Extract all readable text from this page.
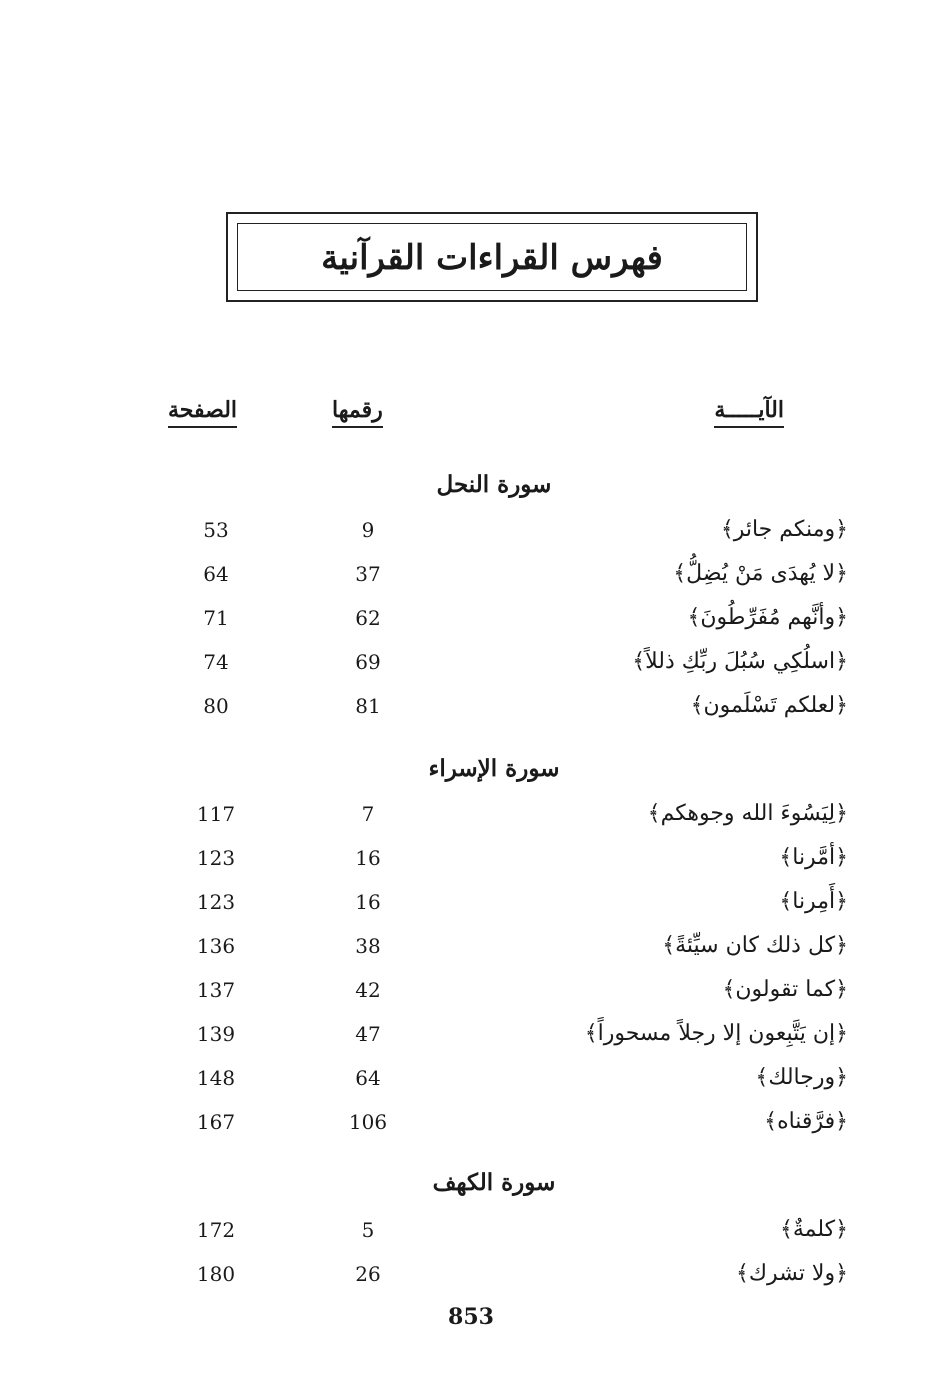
فهرس القراءات القرآنية
الآيـــــة
رقمها
الصفحة
سورة النحل
﴿ومنكم جائر﴾
9
53
﴿لا يُهدَى مَنْ يُضِلُّ﴾
37
64
﴿وأنَّهم مُفَرِّطُونَ﴾
62
71
﴿اسلُكِي سُبُلَ ربِّكِ ذللاً﴾
69
74
﴿لعلكم تَسْلَمون﴾
81
80
سورة الإسراء
﴿لِيَسُوءَ الله وجوهكم﴾
7
117
﴿أمَّرنا﴾
16
123
﴿أَمِرنا﴾
16
123
﴿كل ذلك كان سيِّئةً﴾
38
136
﴿كما تقولون﴾
42
137
﴿إن يَتَّبِعون إلا رجلاً مسحوراً﴾
47
139
﴿ورجالك﴾
64
148
﴿فرَّقناه﴾
106
167
سورة الكهف
﴿كلمةٌ﴾
5
172
﴿ولا تشرك﴾
26
180
853
